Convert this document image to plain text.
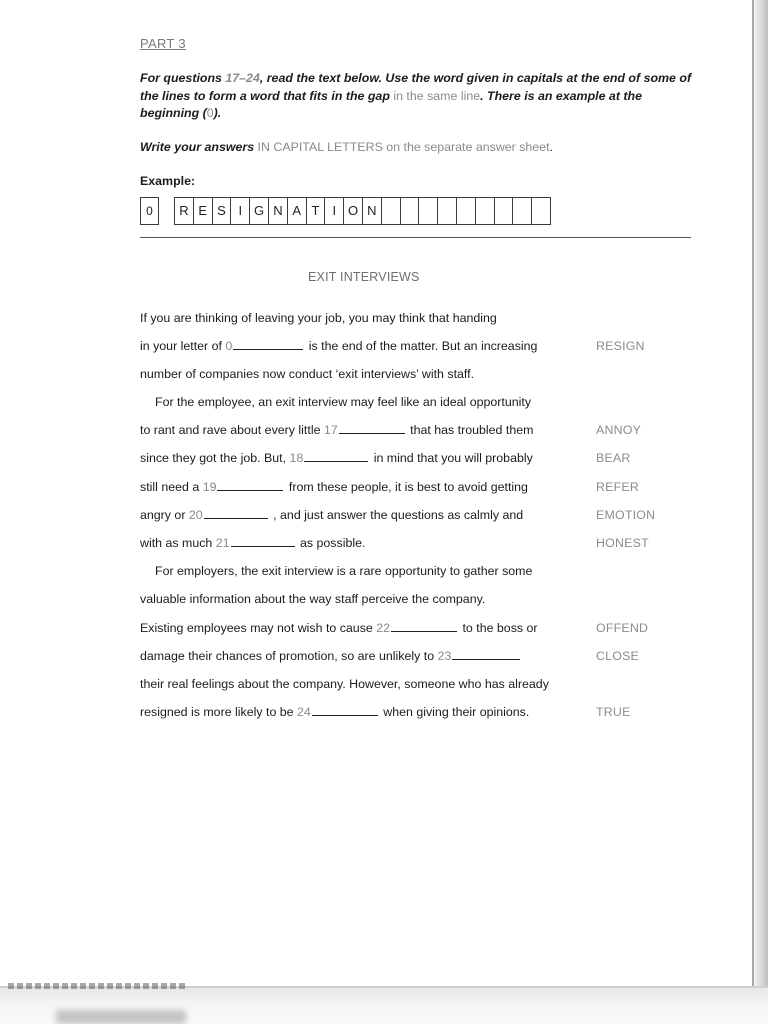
PART 3

For questions 17–24, read the text below. Use the word given in capitals at the end of some of the lines to form a word that fits in the gap in the same line. There is an example at the beginning (0).

Write your answers IN CAPITAL LETTERS on the separate answer sheet.

Example:

0	R E S I G N A T	I O N
EXIT INTERVIEWS
If you are thinking of leaving your job, you may think that handing
in your letter of 0	is the end of the matter. But an increasing	RESIGN
number of companies now conduct ‘exit interviews’ with staff.
For the employee, an exit interview may feel like an ideal opportunity
to rant and rave about every little 17	that has troubled them	ANNOY
since they got the job. But, 18	in mind that you will probably	BEAR
still need a 19	from these people, it is best to avoid getting	REFER
angry or 20	, and just answer the questions as calmly and	EMOTION
with as much 21	as possible.	HONEST
For employers, the exit interview is a rare opportunity to gather some
valuable information about the way staff perceive the company.
Existing employees may not wish to cause 22	to the boss or	OFFEND
damage their chances of promotion, so are unlikely to 23	CLOSE
their real feelings about the company. However, someone who has already
resigned is more likely to be 24	when giving their opinions.	TRUE
